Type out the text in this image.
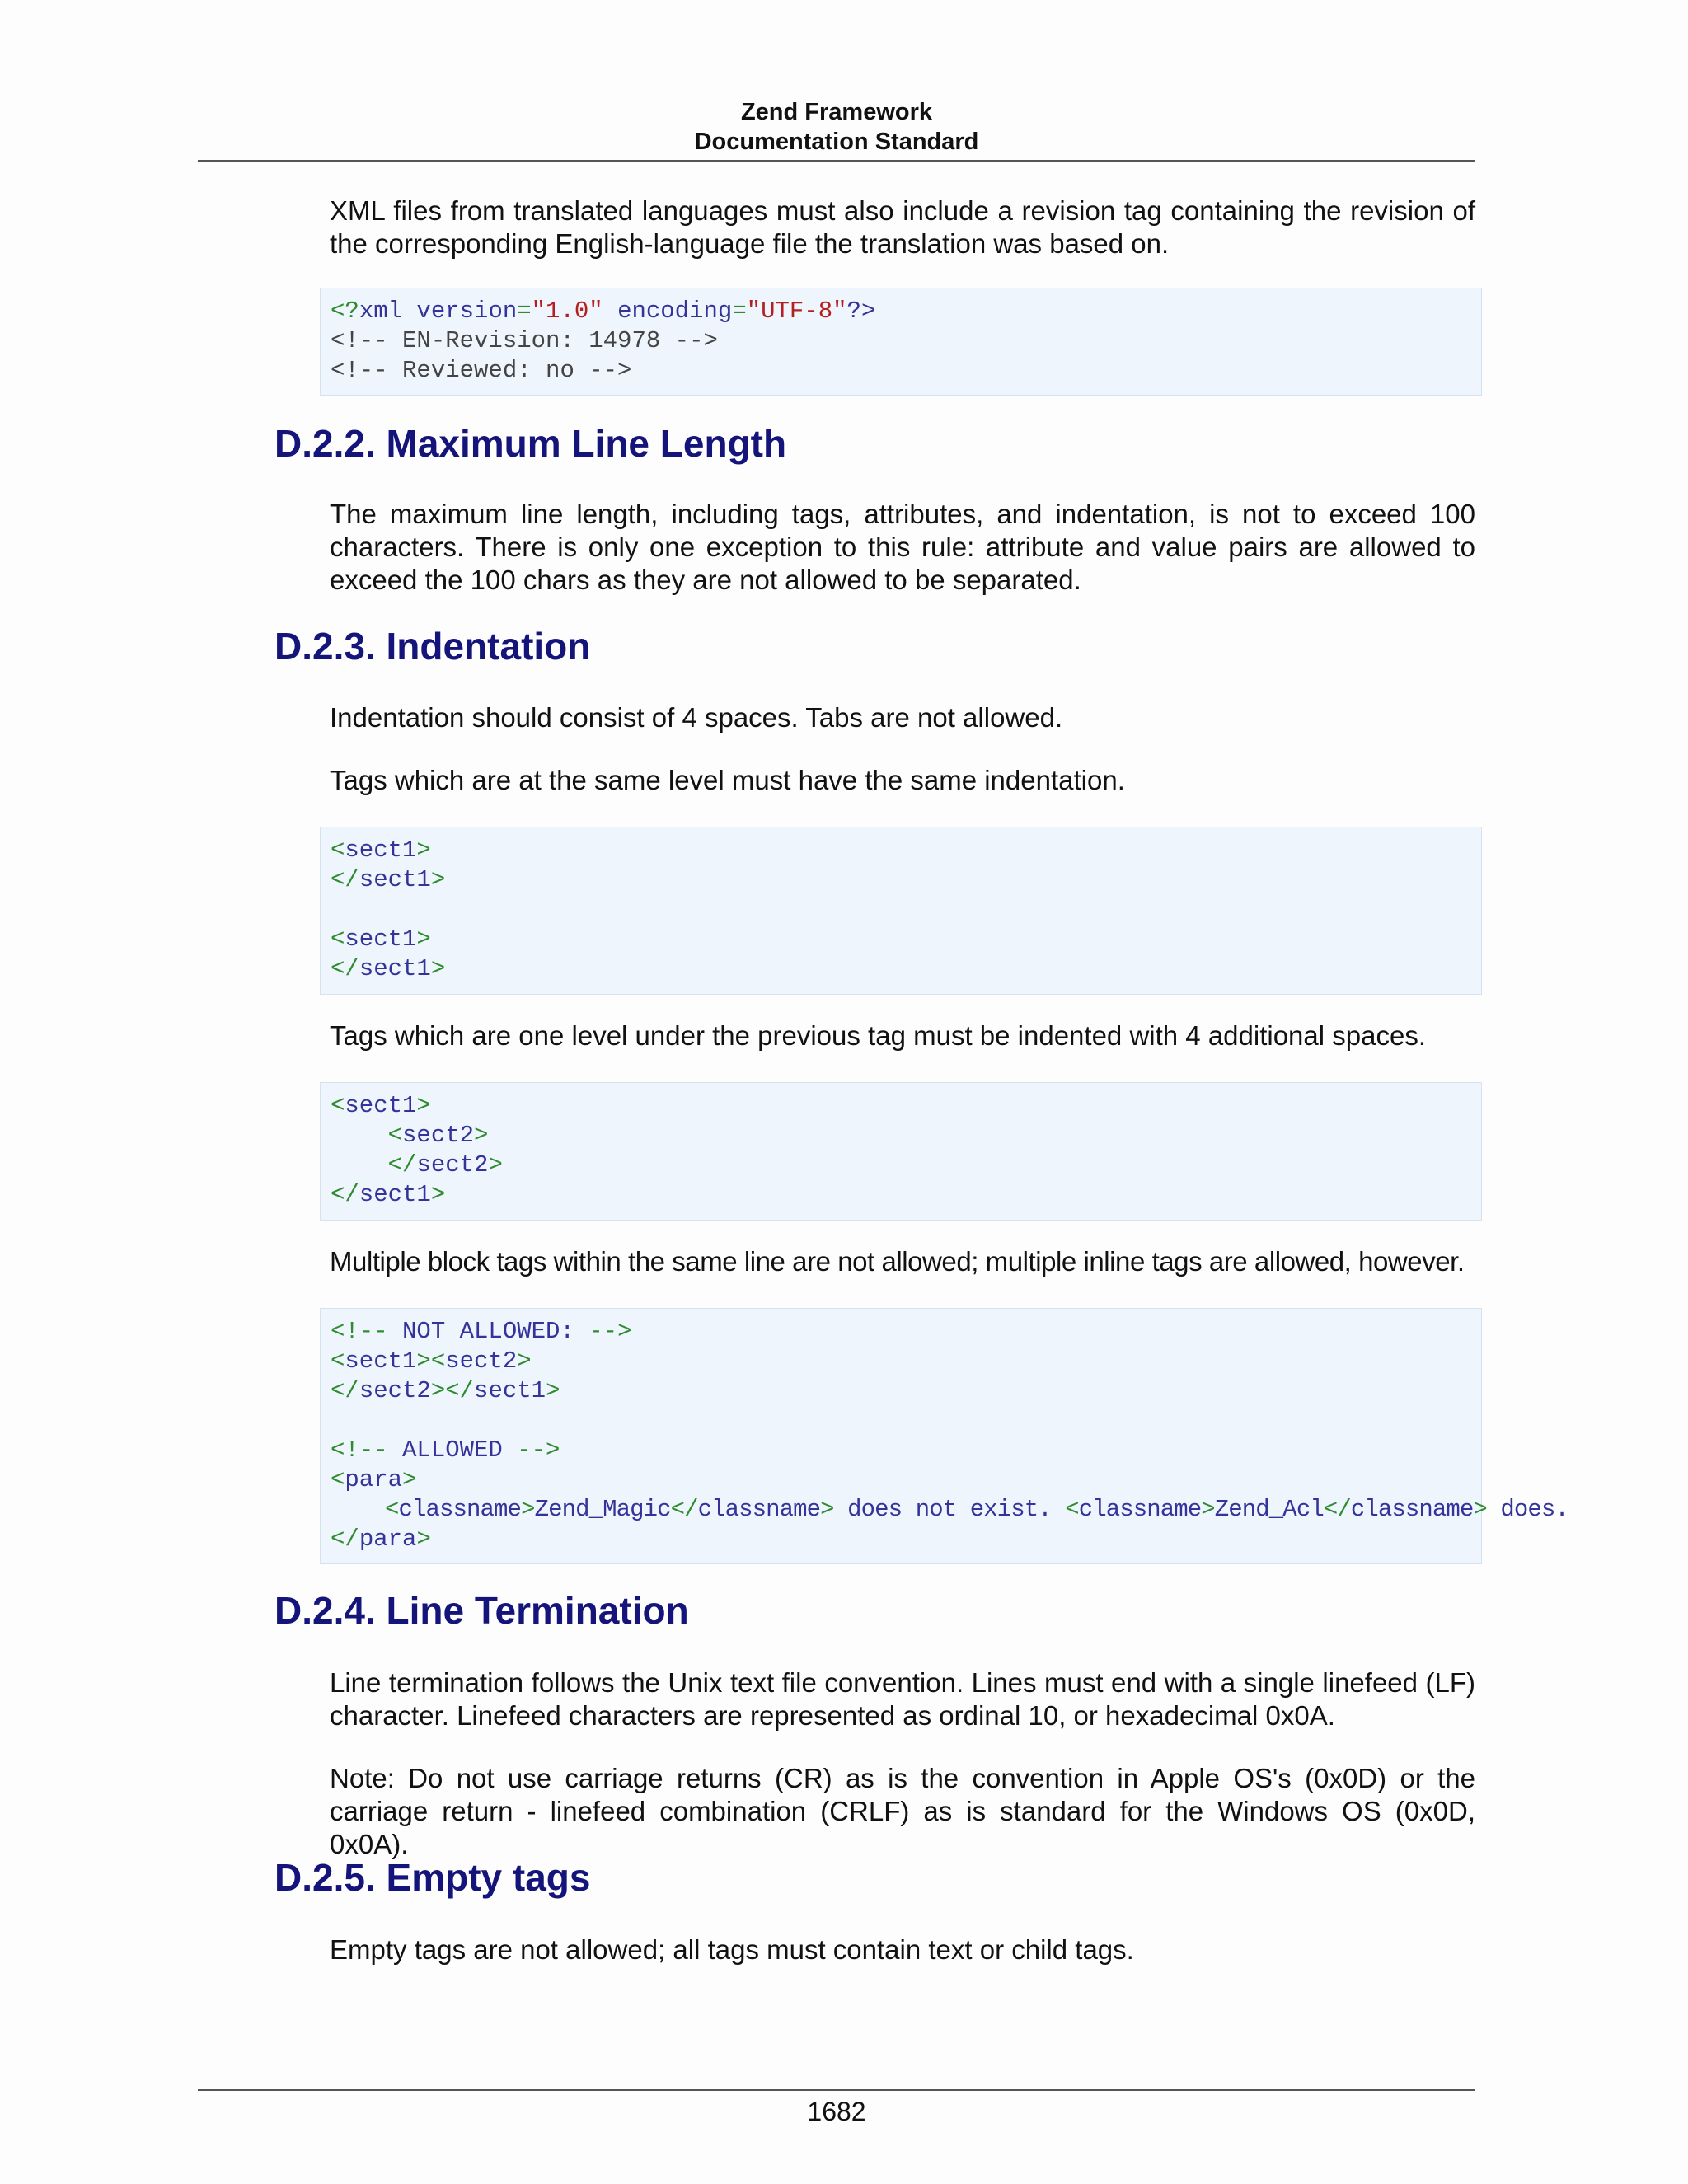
Zend Framework
Documentation Standard

XML files from translated languages must also include a revision tag containing the revision of the corresponding English-language file the translation was based on.

<?xml version="1.0" encoding="UTF-8"?>
<!-- EN-Revision: 14978 -->
<!-- Reviewed: no -->
D.2.2. Maximum Line Length

The maximum line length, including tags, attributes, and indentation, is not to exceed 100 characters. There is only one exception to this rule: attribute and value pairs are allowed to exceed the 100 chars as they are not allowed to be separated.

D.2.3. Indentation

Indentation should consist of 4 spaces. Tabs are not allowed.

Tags which are at the same level must have the same indentation.

<sect1>
</sect1>
<sect1>
</sect1>

Tags which are one level under the previous tag must be indented with 4 additional spaces.

<sect1>
<sect2>
</sect2>
</sect1>

Multiple block tags within the same line are not allowed; multiple inline tags are allowed, however.

<!-- NOT ALLOWED: -->
<sect1><sect2>
</sect2></sect1>
<!-- ALLOWED -->
<para>
<classname>Zend_Magic</classname> does not exist. <classname>Zend_Acl</classname> does.
</para>
D.2.4. Line Termination

Line termination follows the Unix text file convention. Lines must end with a single linefeed (LF) character. Linefeed characters are represented as ordinal 10, or hexadecimal 0x0A.

Note: Do not use carriage returns (CR) as is the convention in Apple OS's (0x0D) or the carriage return - linefeed combination (CRLF) as is standard for the Windows OS (0x0D, 0x0A).

D.2.5. Empty tags

Empty tags are not allowed; all tags must contain text or child tags.

1682
